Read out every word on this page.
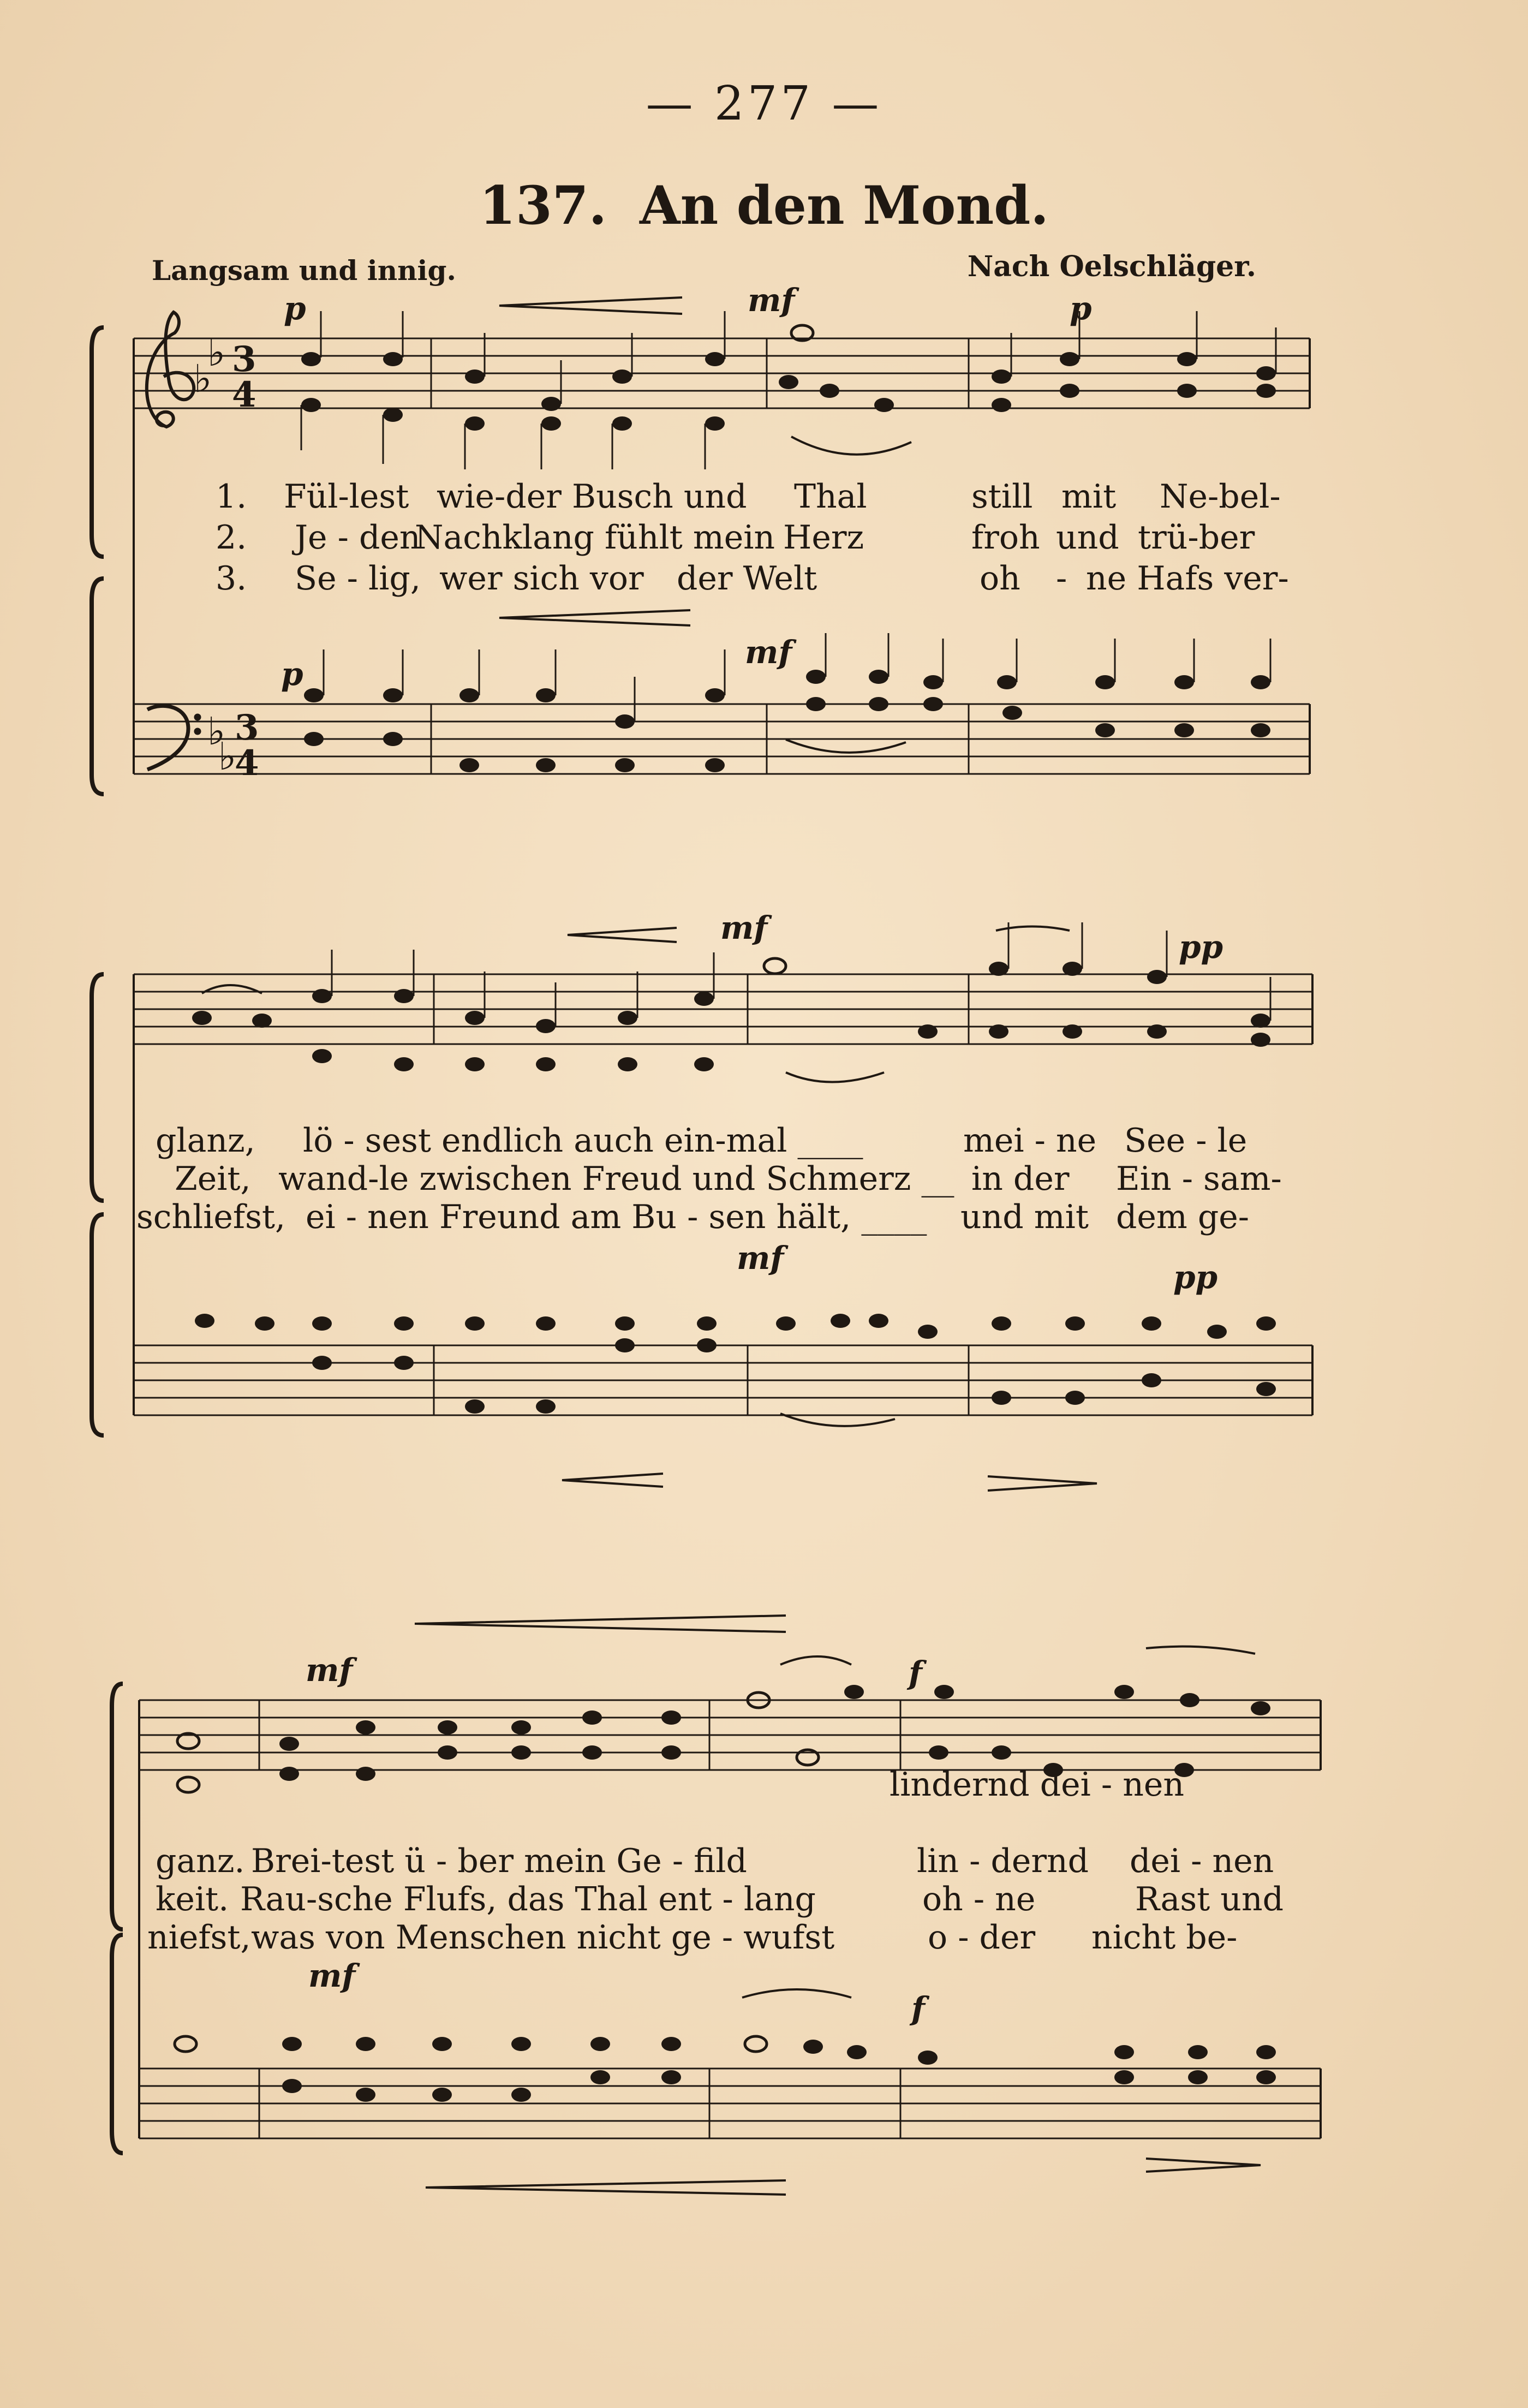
— 277 —
137. An den Mond.
Langsam und innig.	Nach Oelschläger.
♭
♭
♭
♭
3
4
3
4
p	mf	p
p
mf
mf
pp
mf
pp
mf	f
mf
f
1.
2.
3.
Fül-lest wie-der Busch und Thal	still mit Ne-bel-
Je - den
Nachklang fühlt mein Herz	froh und trü-ber
Se - lig, wer sich vor der Welt	oh - ne Hafs ver-
glanz, lö - sest endlich auch ein-mal ____	mei - ne See - le
Zeit, wand-le zwischen Freud und Schmerz __ in der Ein - sam-
schliefst, ei - nen Freund am Bu - sen hält, ____ und mit dem ge-
lindernd dei - nen
ganz. Brei-test ü - ber mein Ge - fild	lin - dernd dei - nen
keit. Rau-sche Flufs, das Thal ent - lang	oh - ne	Rast und
niefst, was von Menschen nicht ge - wufst	o - der nicht be-
